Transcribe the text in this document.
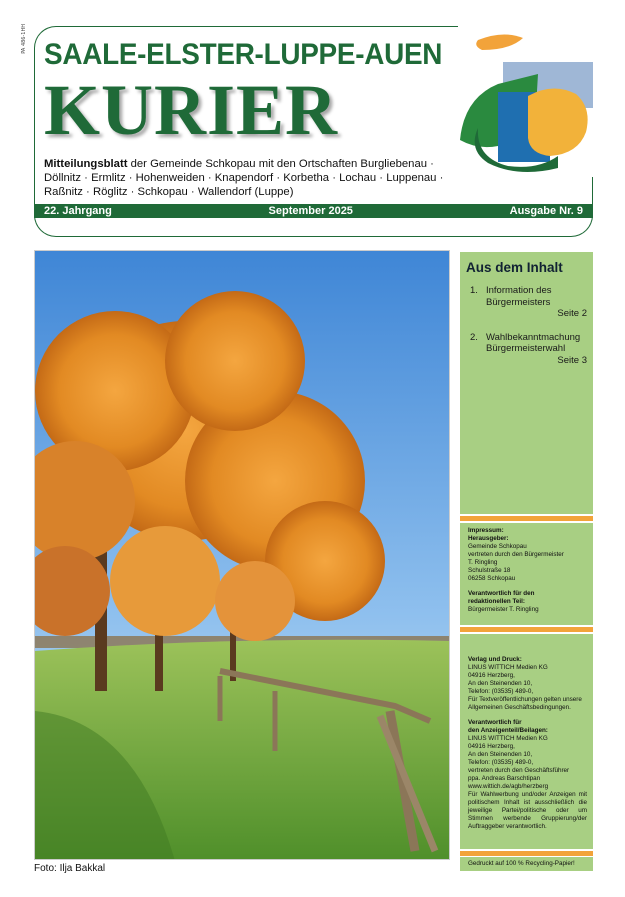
PA 486-1HH SAALE-ELSTER-LUPPE-AUEN
KURIER
Mitteilungsblatt der Gemeinde Schkopau mit den Ortschaften Burgliebenau · Döllnitz · Ermlitz · Hohenweiden · Knapendorf · Korbetha · Lochau · Luppenau · Raßnitz · Röglitz · Schkopau · Wallendorf (Luppe)
22. Jahrgang	September 2025	Ausgabe Nr. 9
Foto: Ilja Bakkal
Aus dem Inhalt
1. Information des
Bürgermeisters
Seite 2
2. Wahlbekanntmachung
Bürgermeisterwahl
Seite 3
Impressum:
Herausgeber:
Gemeinde Schkopau
vertreten durch den Bürgermeister
T. Ringling
Schulstraße 18

06258 Schkopau

Verantwortlich für den
redaktionellen Teil:
Bürgermeister T. Ringling
Verlag und Druck:
LINUS WITTICH Medien KG
04916 Herzberg,
An den Steinenden 10,
Telefon: (03535) 489-0,

Für Textveröffentlichungen gelten unsere Allgemeinen Geschäftsbedingungen.

Verantwortlich für
den Anzeigenteil/Beilagen:
LINUS WITTICH Medien KG
04916 Herzberg,
An den Steinenden 10,
Telefon: (03535) 489-0,
vertreten durch den Geschäftsführer
ppa. Andreas Barschtipan
www.wittich.de/agb/herzberg
Für Wahlwerbung und/oder Anzeigen mit politischem Inhalt ist ausschließlich die jeweilige Partei/politische oder um Stimmen werbende Gruppierung/der Auftraggeber verantwortlich.
Gedruckt auf 100 % Recycling-Papier!
